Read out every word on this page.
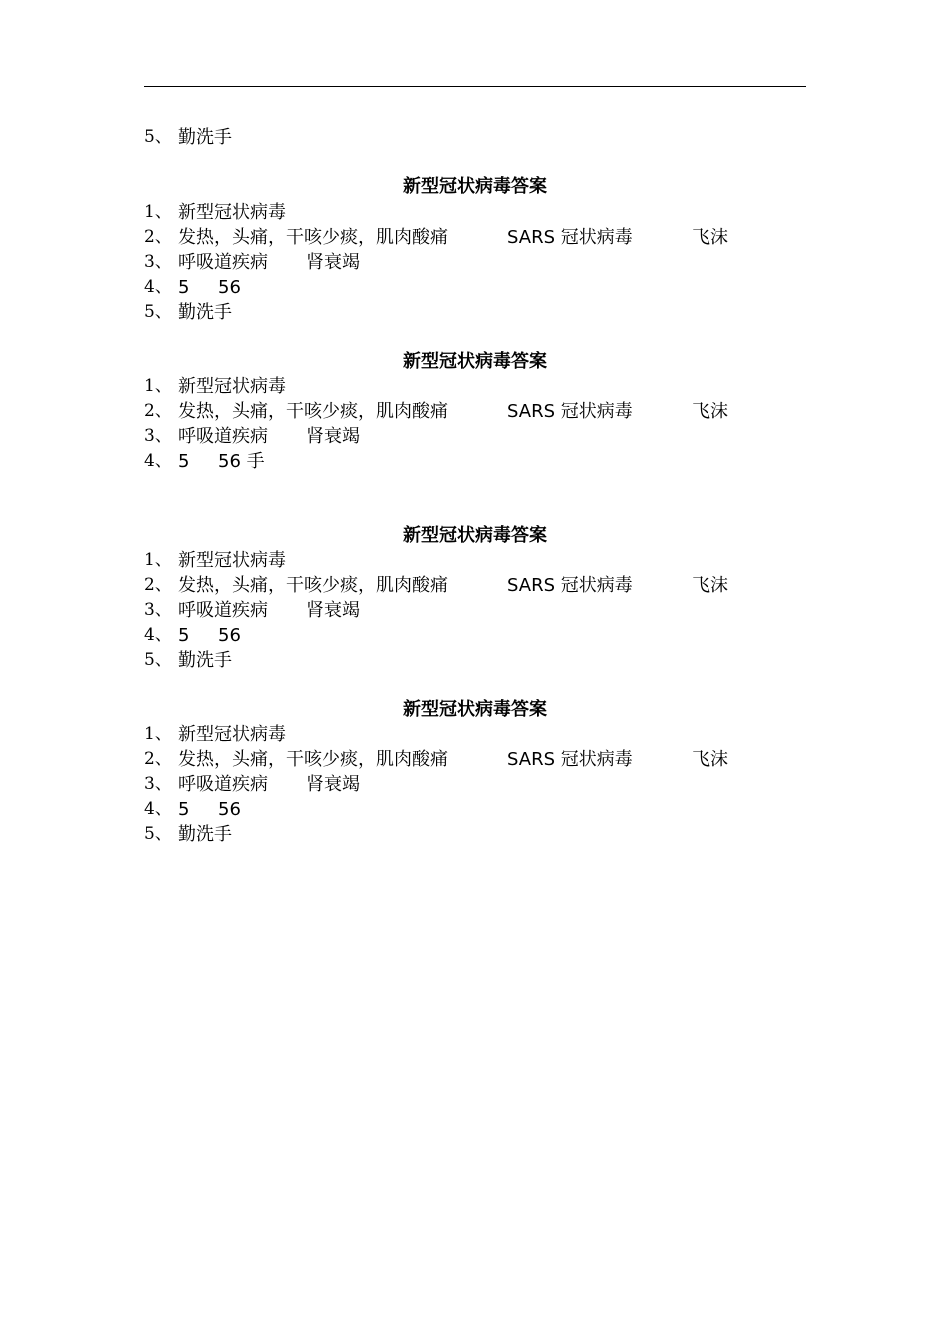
5、 勤洗手
新型冠状病毒答案
1、 新型冠状病毒
2、 发热，头痛，干咳少痰，肌肉酸痛	SARS 冠状病毒	飞沫
3、 呼吸道疾病 肾衰竭
4、 5 56
5、 勤洗手
新型冠状病毒答案
1、 新型冠状病毒
2、 发热，头痛，干咳少痰，肌肉酸痛	SARS 冠状病毒	飞沫
3、 呼吸道疾病 肾衰竭
4、 5 56 手
新型冠状病毒答案
1、 新型冠状病毒
2、 发热，头痛，干咳少痰，肌肉酸痛	SARS 冠状病毒	飞沫
3、 呼吸道疾病 肾衰竭
4、 5 56
5、 勤洗手
新型冠状病毒答案
1、 新型冠状病毒
2、 发热，头痛，干咳少痰，肌肉酸痛	SARS 冠状病毒	飞沫
3、 呼吸道疾病 肾衰竭
4、 5 56
5、 勤洗手
